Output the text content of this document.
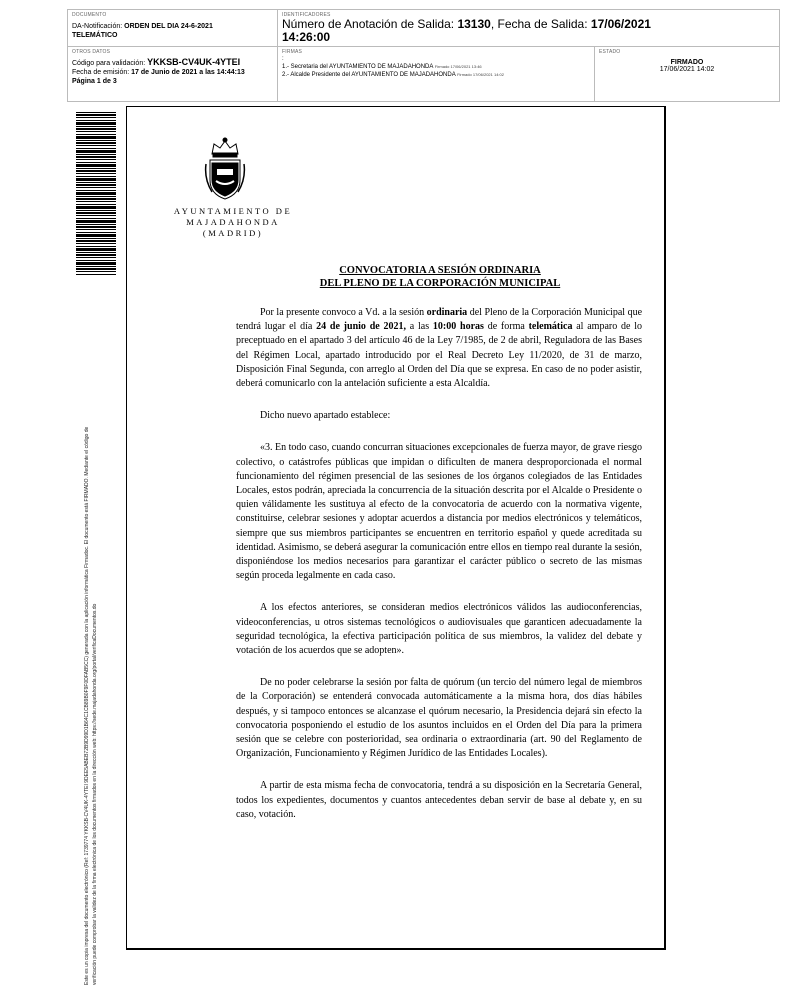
DOCUMENTO
DA-Notificación: ORDEN DEL DIA 24-6-2021
TELEMÁTICO
IDENTIFICADORES
Número de Anotación de Salida: 13130, Fecha de Salida: 17/06/2021
14:26:00
OTROS DATOS
Código para validación: YKKSB-CV4UK-4YTEI
Fecha de emisión: 17 de Junio de 2021 a las 14:44:13
Página 1 de 3
FIRMAS
:
1.- Secretaria del AYUNTAMIENTO DE MAJADAHONDA Firmado 17/06/2021 13:46
2.- Alcalde Presidente del AYUNTAMIENTO DE MAJADAHONDA Firmado 17/06/2021 14:02
ESTADO
FIRMADO
17/06/2021 14:02
Este es un copia impresa del documento electrónico (Ref: 1739774 YKKSB-CV4UK-4YTEI 9DEE5ABEB72B9D99D1B64C1CB89B0F9F0DFAB5CC) generada con la aplicación informática Firmadoc. El documento está FIRMADO. Mediante el código de verificación puede comprobar la validez de la firma electrónica de los documentos firmados en la dirección web: https://sede.majadahonda.org/portal/verificaDocumentos.do
AYUNTAMIENTO DE
MAJADAHONDA
(MADRID)
CONVOCATORIA A SESIÓN ORDINARIA
DEL PLENO DE LA CORPORACIÓN MUNICIPAL

Por la presente convoco a Vd. a la sesión ordinaria del Pleno de la Corporación Municipal que tendrá lugar el día 24 de junio de 2021, a las 10:00 horas de forma telemática al amparo de lo preceptuado en el apartado 3 del artículo 46 de la Ley 7/1985, de 2 de abril, Reguladora de las Bases del Régimen Local, apartado introducido por el Real Decreto Ley 11/2020, de 31 de marzo, Disposición Final Segunda, con arreglo al Orden del Día que se expresa. En caso de no poder asistir, deberá comunicarlo con la antelación suficiente a esta Alcaldía.

Dicho nuevo apartado establece:

«3. En todo caso, cuando concurran situaciones excepcionales de fuerza mayor, de grave riesgo colectivo, o catástrofes públicas que impidan o dificulten de manera desproporcionada el normal funcionamiento del régimen presencial de las sesiones de los órganos colegiados de las Entidades Locales, estos podrán, apreciada la concurrencia de la situación descrita por el Alcalde o Presidente o quien válidamente les sustituya al efecto de la convocatoria de acuerdo con la normativa vigente, constituirse, celebrar sesiones y adoptar acuerdos a distancia por medios electrónicos y telemáticos, siempre que sus miembros participantes se encuentren en territorio español y quede acreditada su identidad. Asimismo, se deberá asegurar la comunicación entre ellos en tiempo real durante la sesión, disponiéndose los medios necesarios para garantizar el carácter público o secreto de las mismas según proceda legalmente en cada caso.

A los efectos anteriores, se consideran medios electrónicos válidos las audioconferencias, videoconferencias, u otros sistemas tecnológicos o audiovisuales que garanticen adecuadamente la seguridad tecnológica, la efectiva participación política de sus miembros, la validez del debate y votación de los acuerdos que se adopten».

De no poder celebrarse la sesión por falta de quórum (un tercio del número legal de miembros de la Corporación) se entenderá convocada automáticamente a la misma hora, dos días hábiles después, y si tampoco entonces se alcanzase el quórum necesario, la Presidencia dejará sin efecto la convocatoria posponiendo el estudio de los asuntos incluidos en el Orden del Día para la primera sesión que se celebre con posterioridad, sea ordinaria o extraordinaria (art. 90 del Reglamento de Organización, Funcionamiento y Régimen Jurídico de las Entidades Locales).

A partir de esta misma fecha de convocatoria, tendrá a su disposición en la Secretaría General, todos los expedientes, documentos y cuantos antecedentes deban servir de base al debate y, en su caso, votación.
